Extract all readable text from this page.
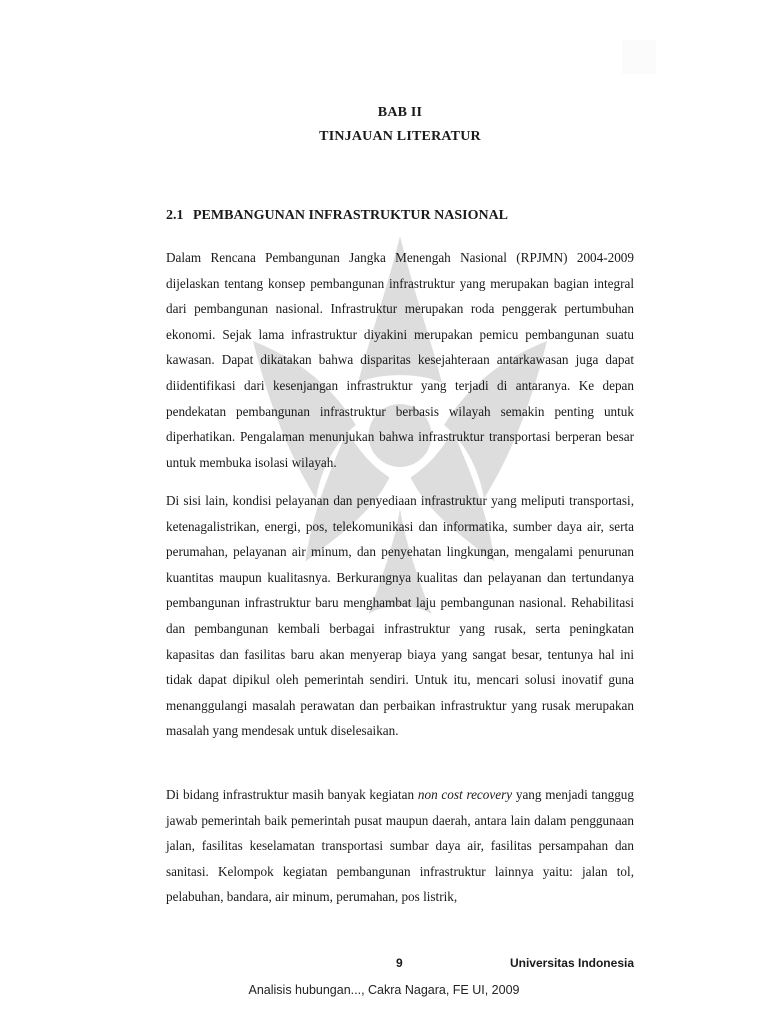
BAB II
TINJAUAN LITERATUR
2.1 PEMBANGUNAN INFRASTRUKTUR NASIONAL

Dalam Rencana Pembangunan Jangka Menengah Nasional (RPJMN) 2004-2009 dijelaskan tentang konsep pembangunan infrastruktur yang merupakan bagian integral dari pembangunan nasional. Infrastruktur merupakan roda penggerak pertumbuhan ekonomi. Sejak lama infrastruktur diyakini merupakan pemicu pembangunan suatu kawasan. Dapat dikatakan bahwa disparitas kesejahteraan antarkawasan juga dapat diidentifikasi dari kesenjangan infrastruktur yang terjadi di antaranya. Ke depan pendekatan pembangunan infrastruktur berbasis wilayah semakin penting untuk diperhatikan. Pengalaman menunjukan bahwa infrastruktur transportasi berperan besar untuk membuka isolasi wilayah.

Di sisi lain, kondisi pelayanan dan penyediaan infrastruktur yang meliputi transportasi, ketenagalistrikan, energi, pos, telekomunikasi dan informatika, sumber daya air, serta perumahan, pelayanan air minum, dan penyehatan lingkungan, mengalami penurunan kuantitas maupun kualitasnya. Berkurangnya kualitas dan pelayanan dan tertundanya pembangunan infrastruktur baru menghambat laju pembangunan nasional. Rehabilitasi dan pembangunan kembali berbagai infrastruktur yang rusak, serta peningkatan kapasitas dan fasilitas baru akan menyerap biaya yang sangat besar, tentunya hal ini tidak dapat dipikul oleh pemerintah sendiri. Untuk itu, mencari solusi inovatif guna menanggulangi masalah perawatan dan perbaikan infrastruktur yang rusak merupakan masalah yang mendesak untuk diselesaikan.

Di bidang infrastruktur masih banyak kegiatan non cost recovery yang menjadi tanggug jawab pemerintah baik pemerintah pusat maupun daerah, antara lain dalam penggunaan jalan, fasilitas keselamatan transportasi sumbar daya air, fasilitas persampahan dan sanitasi. Kelompok kegiatan pembangunan infrastruktur lainnya yaitu: jalan tol, pelabuhan, bandara, air minum, perumahan, pos listrik,

9	Universitas Indonesia
Analisis hubungan..., Cakra Nagara, FE UI, 2009
